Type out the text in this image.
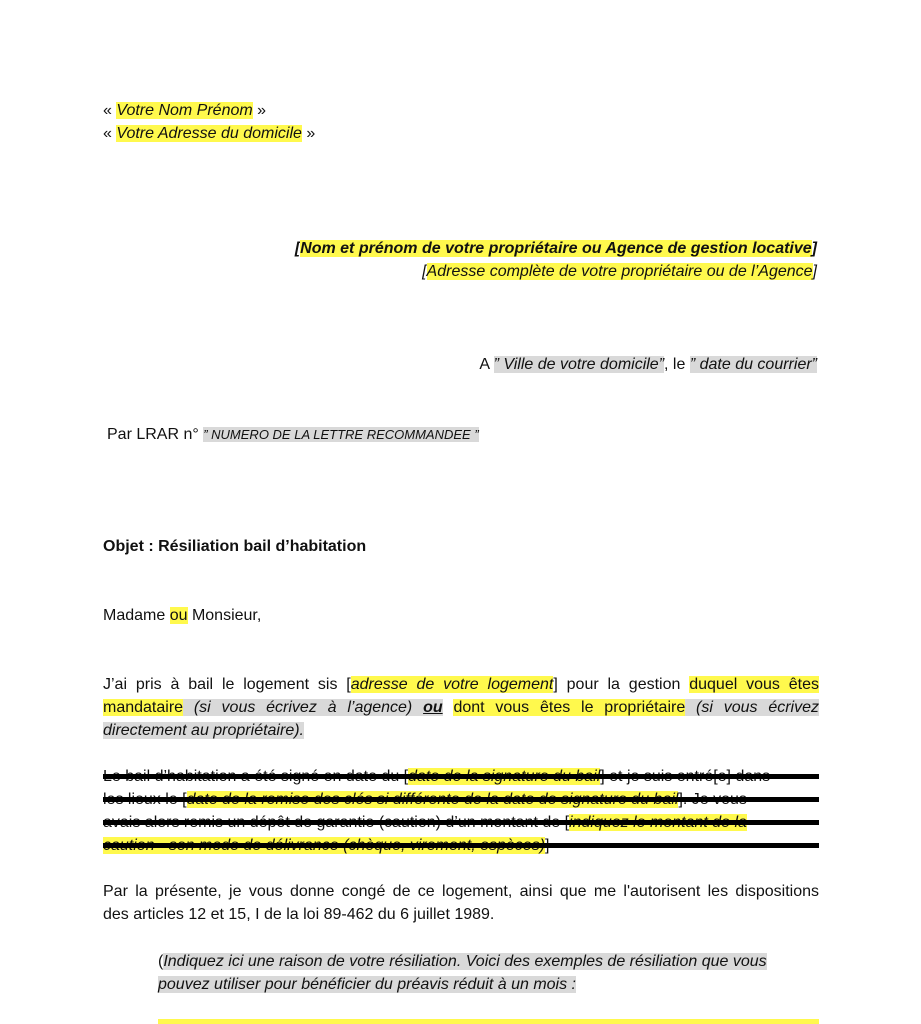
« Votre Nom Prénom »
« Votre Adresse du domicile »
[Nom et prénom de votre propriétaire ou Agence de gestion locative]
[Adresse complète de votre propriétaire ou de l’Agence]
A ” Ville de votre domicile”, le ” date du courrier”
Par LRAR n° ” NUMERO DE LA LETTRE RECOMMANDEE ”
Objet : Résiliation bail d’habitation
Madame ou Monsieur,
J’ai pris à bail le logement sis [adresse de votre logement] pour la gestion duquel vous êtes
mandataire (si vous écrivez à l’agence) ou dont vous êtes le propriétaire (si vous écrivez
directement au propriétaire).
Par la présente, je vous donne congé de ce logement, ainsi que me l'autorisent les dispositions
des articles 12 et 15, I de la loi 89-462 du 6 juillet 1989.
(Indiquez ici une raison de votre résiliation. Voici des exemples de résiliation que vous
pouvez utiliser pour bénéficier du préavis réduit à un mois :
